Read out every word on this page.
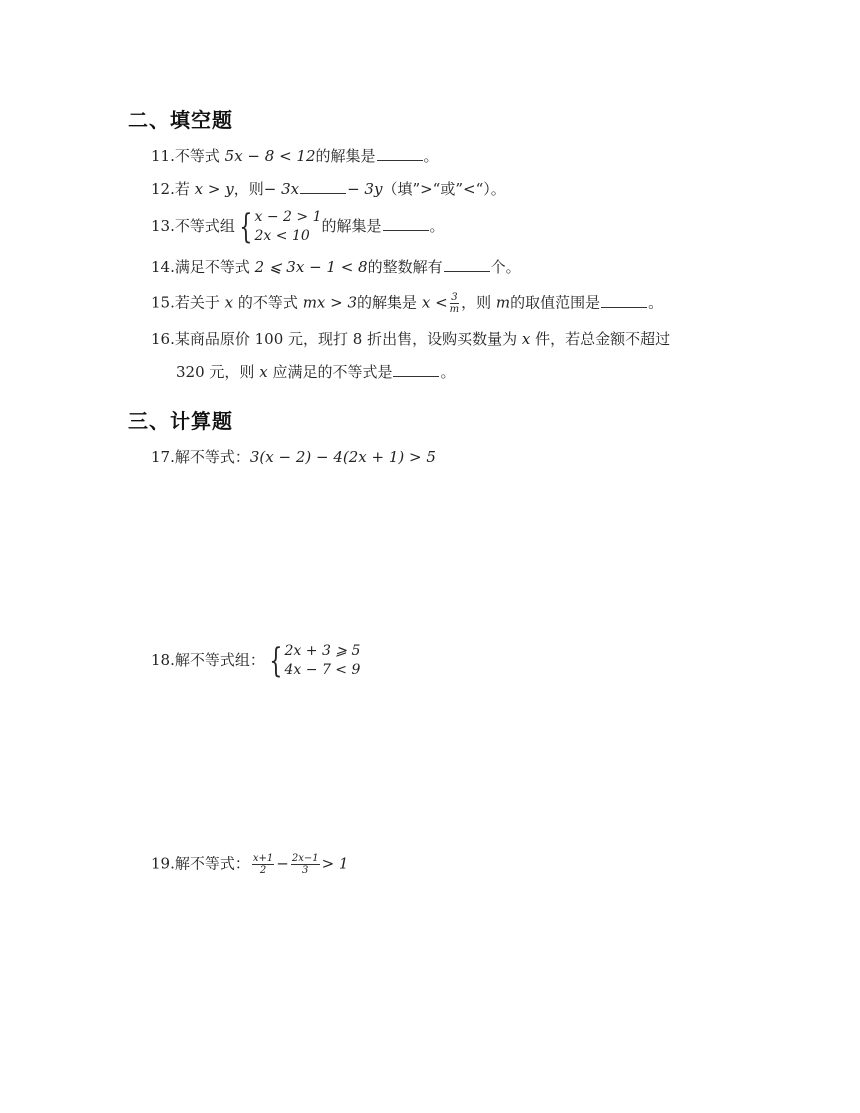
二、填空题
11.不等式 5x − 8 < 12的解集是	。
12.若 x > y，则− 3x	− 3y（填”>“或”<“）。
13.不等式组 { x − 2 > 1
2x < 10
的解集是	。
14.满足不等式 2 ⩽ 3x − 1 < 8的整数解有	个。
15.若关于 x 的不等式 mx > 3的解集是 $x < \frac{3}{m}$ ，则 m的取值范围是	。
16.某商品原价 100 元，现打 8 折出售，设购买数量为 x 件，若总金额不超过
320 元，则 x 应满足的不等式是	。
三、计算题
17.解不等式：3(x − 2) − 4(2x + 1) > 5
18.解不等式组： { 2x + 3 ⩾ 5
4x − 7 < 9
19.解不等式： $\frac{x+1}{2} - \frac{2x-1}{3} > 1$
